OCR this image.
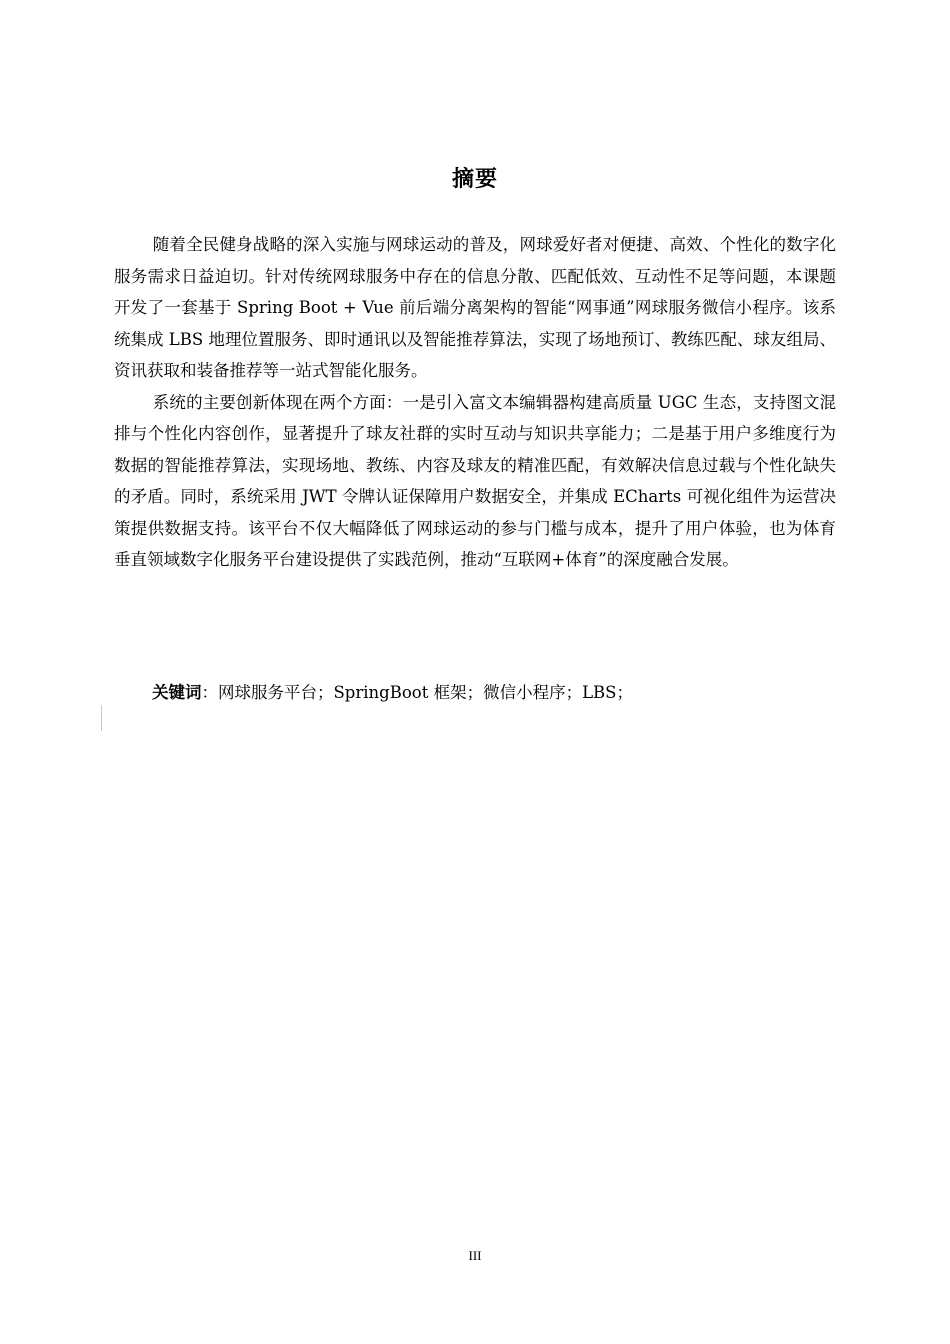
摘要

随着全民健身战略的深入实施与网球运动的普及，网球爱好者对便捷、高效、个性化的数字化服务需求日益迫切。针对传统网球服务中存在的信息分散、匹配低效、互动性不足等问题，本课题开发了一套基于 Spring Boot + Vue 前后端分离架构的智能“网事通”网球服务微信小程序。该系统集成 LBS 地理位置服务、即时通讯以及智能推荐算法，实现了场地预订、教练匹配、球友组局、资讯获取和装备推荐等一站式智能化服务。

系统的主要创新体现在两个方面：一是引入富文本编辑器构建高质量 UGC 生态，支持图文混排与个性化内容创作，显著提升了球友社群的实时互动与知识共享能力；二是基于用户多维度行为数据的智能推荐算法，实现场地、教练、内容及球友的精准匹配，有效解决信息过载与个性化缺失的矛盾。同时，系统采用 JWT 令牌认证保障用户数据安全，并集成 ECharts 可视化组件为运营决策提供数据支持。该平台不仅大幅降低了网球运动的参与门槛与成本，提升了用户体验，也为体育垂直领域数字化服务平台建设提供了实践范例，推动“互联网+体育”的深度融合发展。

关键词：网球服务平台；SpringBoot 框架；微信小程序；LBS；
III
